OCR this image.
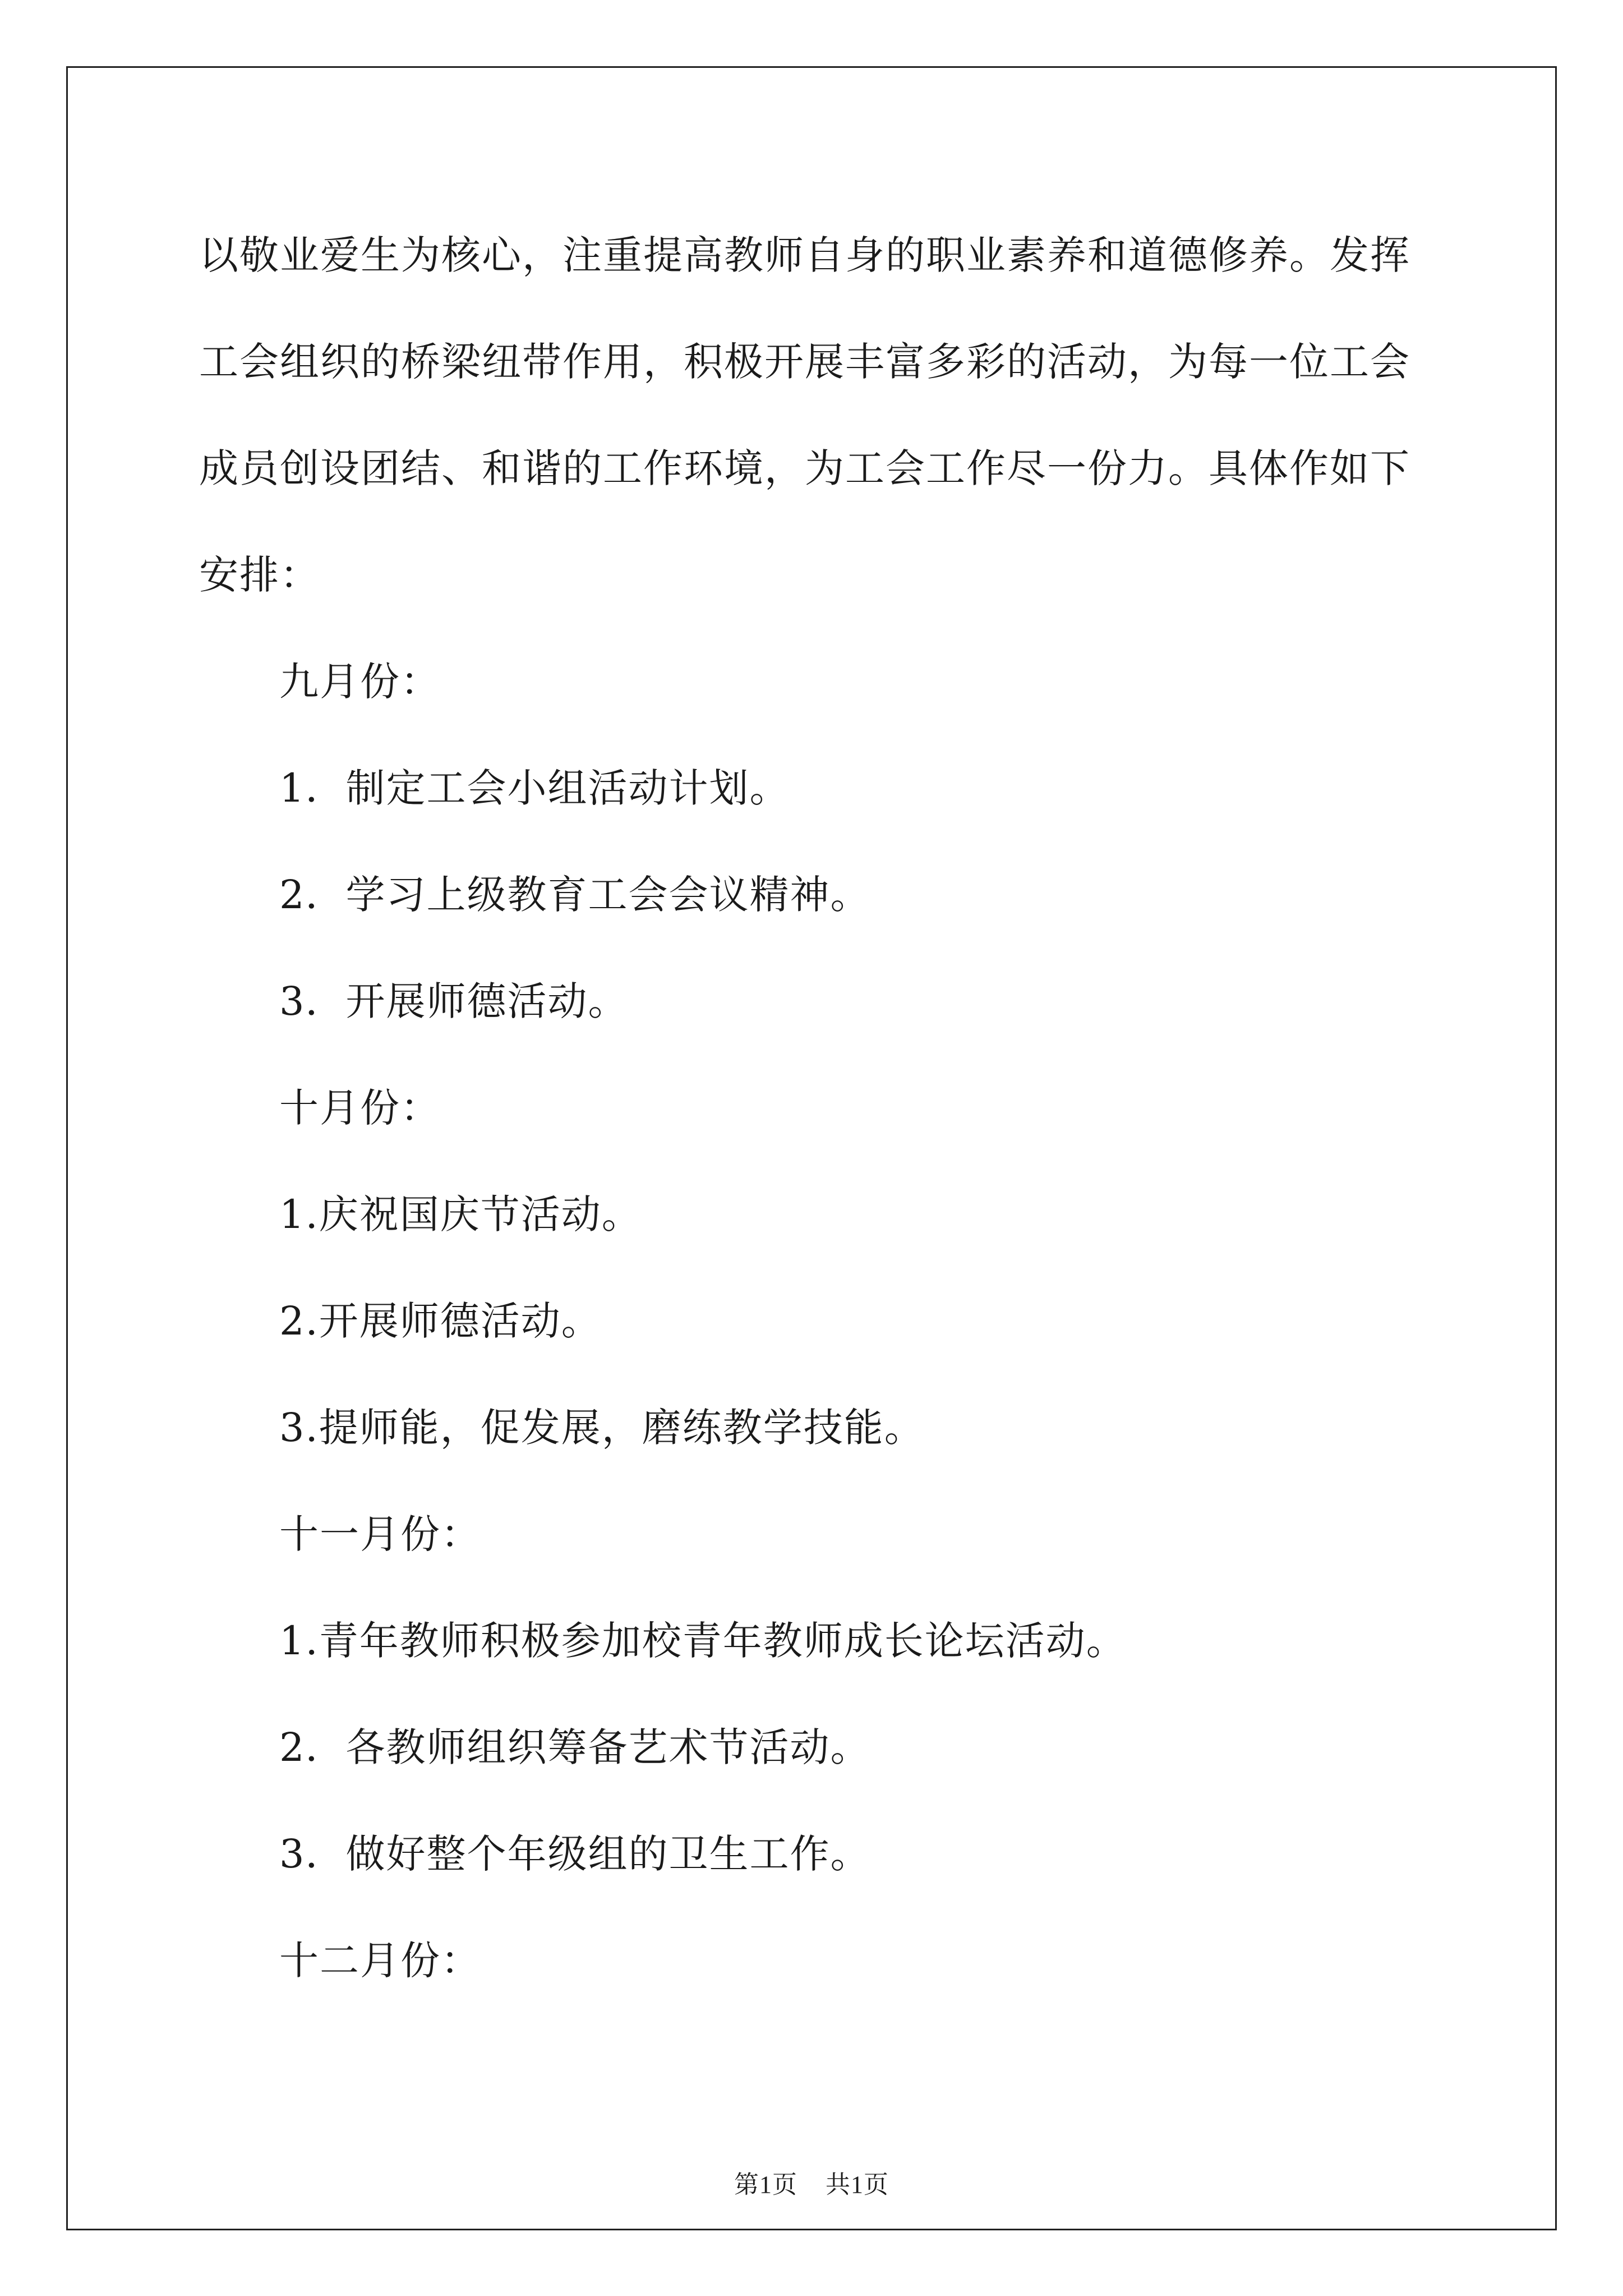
以敬业爱生为核心，注重提高教师自身的职业素养和道德修养。发挥

工会组织的桥梁纽带作用，积极开展丰富多彩的活动，为每一位工会

成员创设团结、和谐的工作环境，为工会工作尽一份力。具体作如下

安排：

九月份：

1．制定工会小组活动计划。

2．学习上级教育工会会议精神。

3．开展师德活动。

十月份：

1.庆祝国庆节活动。

2.开展师德活动。

3.提师能，促发展，磨练教学技能。

十一月份：

1.青年教师积极参加校青年教师成长论坛活动。

2．各教师组织筹备艺术节活动。

3．做好整个年级组的卫生工作。

十二月份：

第1页 共1页
